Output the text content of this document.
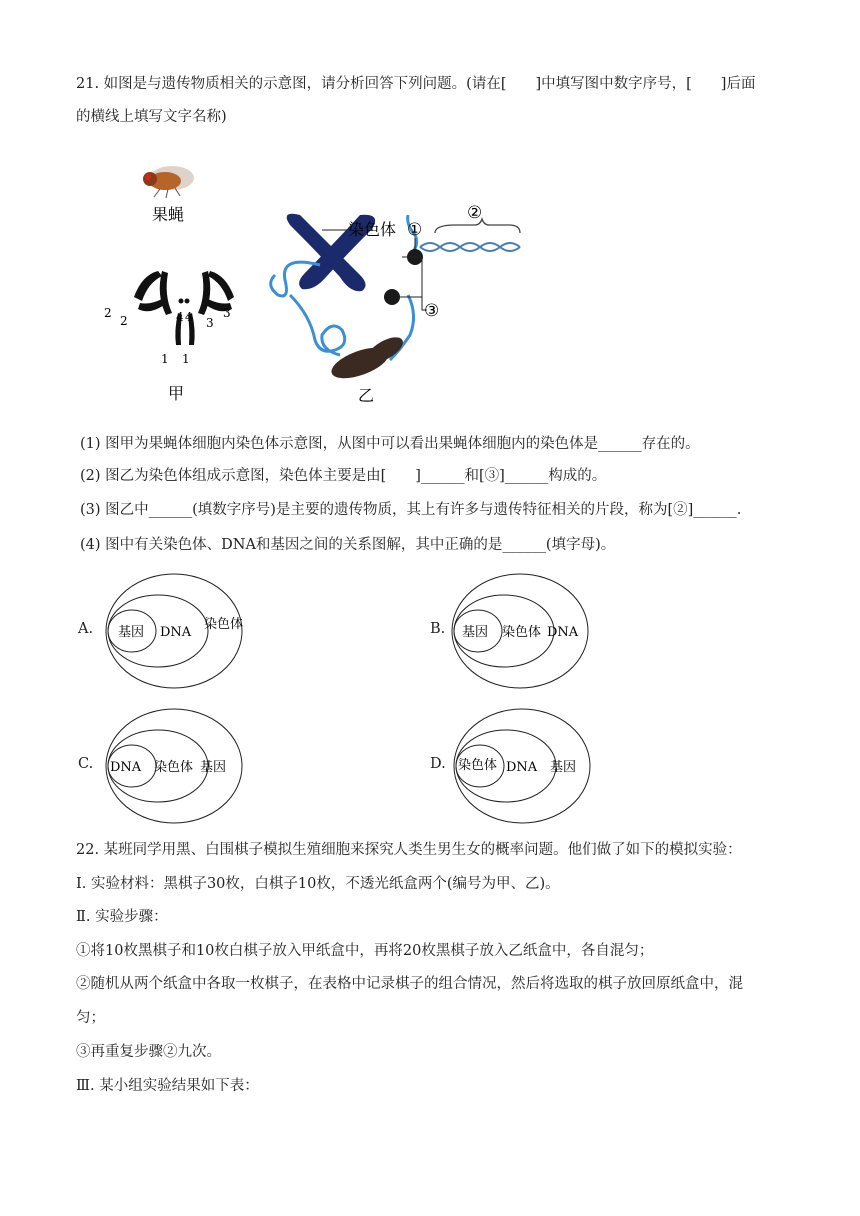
21. 如图是与遗传物质相关的示意图，请分析回答下列问题。(请在[　　]中填写图中数字序号，[　　]后面
的横线上填写文字名称)
果蝇
甲	乙
染色体 ①
②
③
2
2	4 4 3
3
1 1
(1) 图甲为果蝇体细胞内染色体示意图，从图中可以看出果蝇体细胞内的染色体是______存在的。
(2) 图乙为染色体组成示意图，染色体主要是由[　　]______和[③]______构成的。
(3) 图乙中______(填数字序号)是主要的遗传物质，其上有许多与遗传特征相关的片段，称为[②]______.
(4) 图中有关染色体、DNA和基因之间的关系图解，其中正确的是______(填字母)。
A. 基因 DNA
染色体	B. 基因 染色体 DNA
C. DNA 染色体 基因	D. 染色体 DNA 基因
22. 某班同学用黑、白围棋子模拟生殖细胞来探究人类生男生女的概率问题。他们做了如下的模拟实验：
Ⅰ. 实验材料：黑棋子30枚，白棋子10枚，不透光纸盒两个(编号为甲、乙)。
Ⅱ. 实验步骤：
①将10枚黑棋子和10枚白棋子放入甲纸盒中，再将20枚黑棋子放入乙纸盒中，各自混匀；
②随机从两个纸盒中各取一枚棋子，在表格中记录棋子的组合情况，然后将选取的棋子放回原纸盒中，混
匀；
③再重复步骤②九次。
Ⅲ. 某小组实验结果如下表：
